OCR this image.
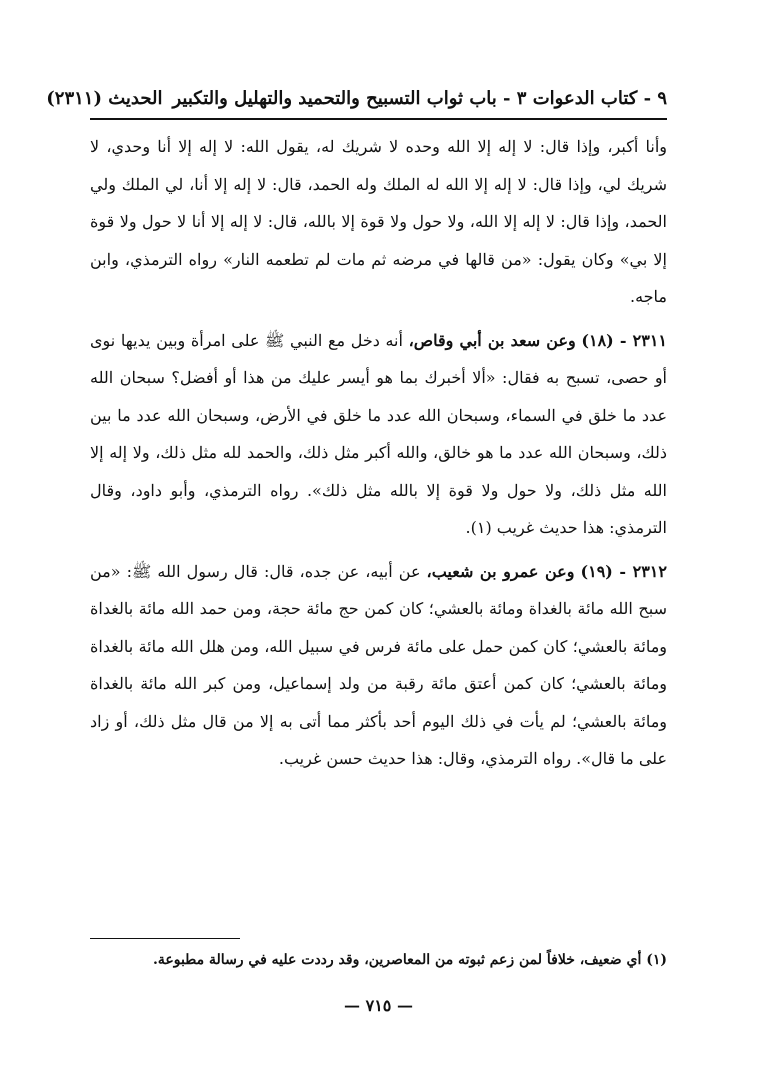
٩ - كتاب الدعوات ٣ - باب ثواب التسبيح والتحميد والتهليل والتكبير
الحديث (٢٣١١)

وأنا أكبر، وإذا قال: لا إله إلا الله وحده لا شريك له، يقول الله: لا إله إلا أنا وحدي، لا شريك لي، وإذا قال: لا إله إلا الله له الملك وله الحمد، قال: لا إله إلا أنا، لي الملك ولي الحمد، وإذا قال: لا إله إلا الله، ولا حول ولا قوة إلا بالله، قال: لا إله إلا أنا لا حول ولا قوة إلا بي» وكان يقول: «من قالها في مرضه ثم مات لم تطعمه النار» رواه الترمذي، وابن ماجه.

٢٣١١ - (١٨) وعن سعد بن أبي وقاص، أنه دخل مع النبي ﷺ على امرأة وبين يديها نوى أو حصى، تسبح به فقال: «ألا أخبرك بما هو أيسر عليك من هذا أو أفضل؟ سبحان الله عدد ما خلق في السماء، وسبحان الله عدد ما خلق في الأرض، وسبحان الله عدد ما بين ذلك، وسبحان الله عدد ما هو خالق، والله أكبر مثل ذلك، والحمد لله مثل ذلك، ولا إله إلا الله مثل ذلك، ولا حول ولا قوة إلا بالله مثل ذلك». رواه الترمذي، وأبو داود، وقال الترمذي: هذا حديث غريب (١).

٢٣١٢ - (١٩) وعن عمرو بن شعيب، عن أبيه، عن جده، قال: قال رسول الله ﷺ: «من سبح الله مائة بالغداة ومائة بالعشي؛ كان كمن حج مائة حجة، ومن حمد الله مائة بالغداة ومائة بالعشي؛ كان كمن حمل على مائة فرس في سبيل الله، ومن هلل الله مائة بالغداة ومائة بالعشي؛ كان كمن أعتق مائة رقبة من ولد إسماعيل، ومن كبر الله مائة بالغداة ومائة بالعشي؛ لم يأت في ذلك اليوم أحد بأكثر مما أتى به إلا من قال مثل ذلك، أو زاد على ما قال». رواه الترمذي، وقال: هذا حديث حسن غريب.

(١) أي ضعيف، خلافاً لمن زعم ثبوته من المعاصرين، وقد رددت عليه في رسالة مطبوعة.
— ٧١٥ —
